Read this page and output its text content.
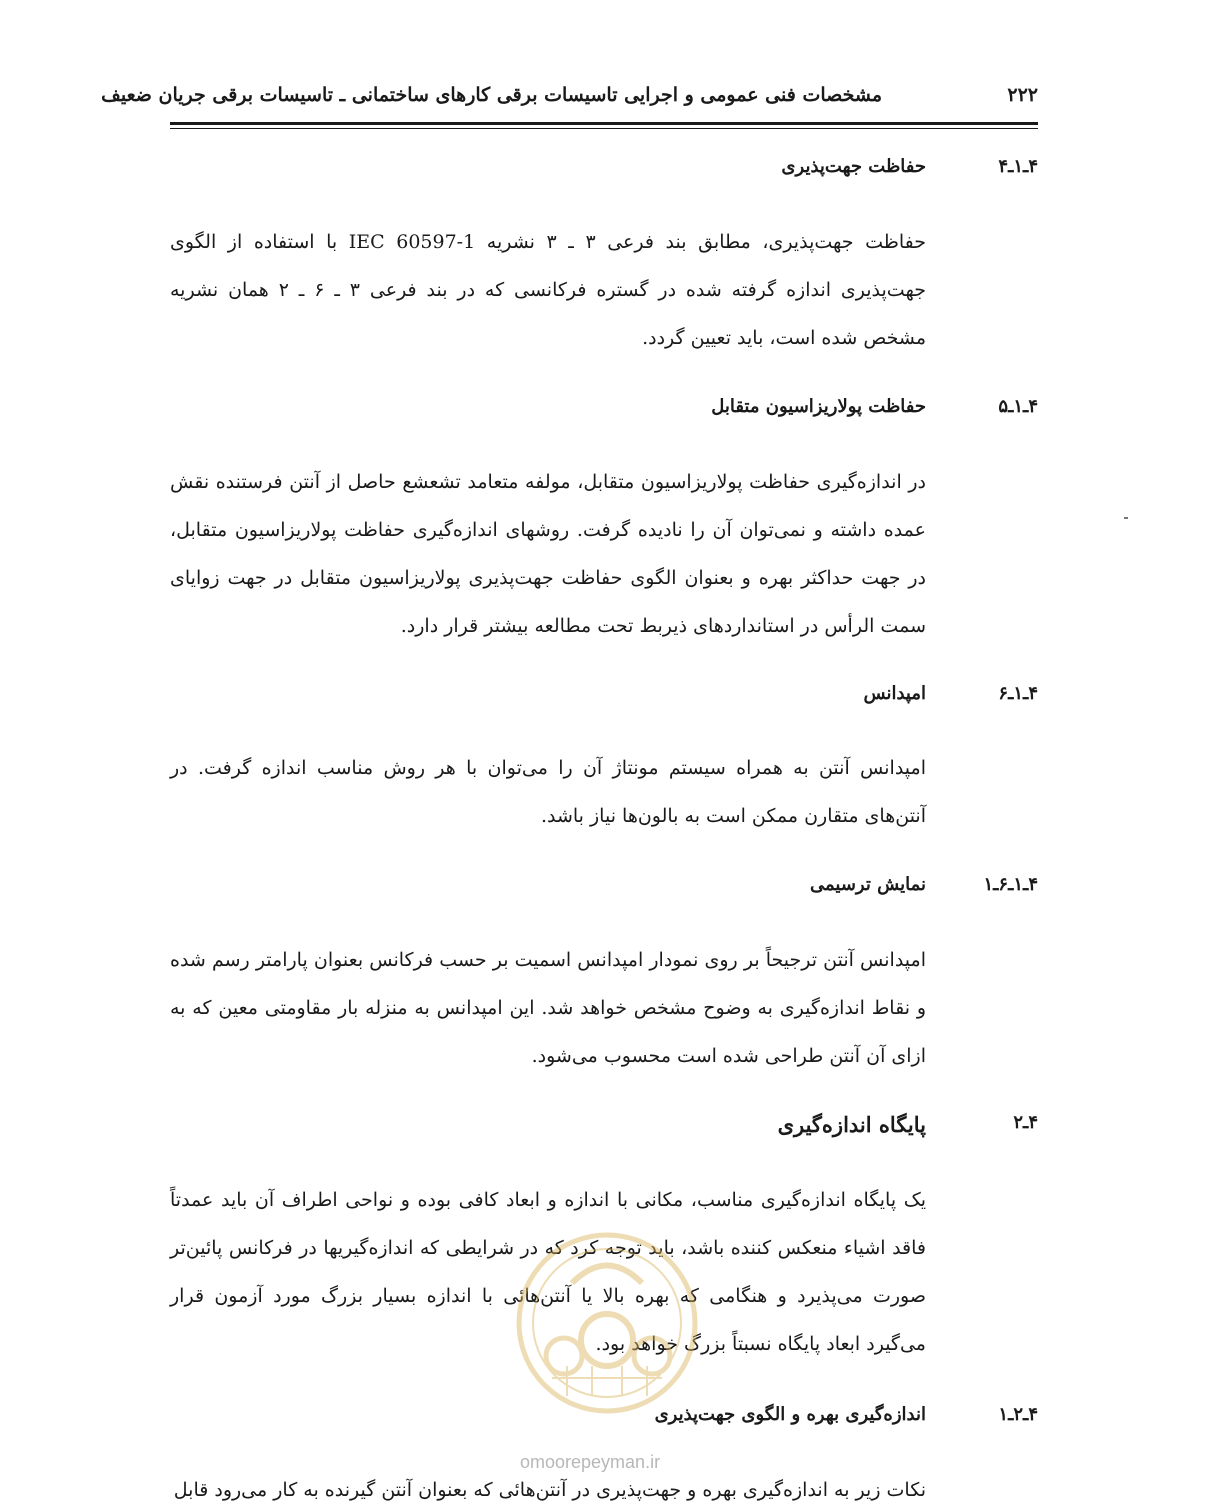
۲۲۲
مشخصات فنی عمومی و اجرایی تاسیسات برقی کارهای ساختمانی ـ تاسیسات برقی جریان ضعیف
۴ـ۱ـ۴
حفاظت جهت‌پذیری
حفاظت جهت‌پذیری، مطابق بند فرعی ۳ ـ ۳ نشریه IEC 60597-1 با استفاده از الگوی جهت‌پذیری اندازه گرفته شده در گستره فرکانسی که در بند فرعی ۳ ـ ۶ ـ ۲ همان نشریه مشخص شده است، باید تعیین گردد.
۴ـ۱ـ۵
حفاظت پولاریزاسیون متقابل
در اندازه‌گیری حفاظت پولاریزاسیون متقابل، مولفه متعامد تشعشع حاصل از آنتن فرستنده نقش عمده داشته و نمی‌توان آن را نادیده گرفت. روشهای اندازه‌گیری حفاظت پولاریزاسیون متقابل، در جهت حداکثر بهره و بعنوان الگوی حفاظت جهت‌پذیری پولاریزاسیون متقابل در جهت زوایای سمت الرأس در استانداردهای ذیربط تحت مطالعه بیشتر قرار دارد.
۴ـ۱ـ۶
امپدانس
امپدانس آنتن به همراه سیستم مونتاژ آن را می‌توان با هر روش مناسب اندازه گرفت. در آنتن‌های متقارن ممکن است به بالون‌ها نیاز باشد.
۴ـ۱ـ۶ـ۱
نمایش ترسیمی
امپدانس آنتن ترجیحاً بر روی نمودار امپدانس اسمیت بر حسب فرکانس بعنوان پارامتر رسم شده و نقاط اندازه‌گیری به وضوح مشخص خواهد شد. این امپدانس به منزله بار مقاومتی معین که به ازای آن آنتن طراحی شده است محسوب می‌شود.
۴ـ۲
پایگاه اندازه‌گیری
یک پایگاه اندازه‌گیری مناسب، مکانی با اندازه و ابعاد کافی بوده و نواحی اطراف آن باید عمدتاً فاقد اشیاء منعکس کننده باشد، باید توجه کرد که در شرایطی که اندازه‌گیریها در فرکانس پائین‌تر صورت می‌پذیرد و هنگامی که بهره بالا یا آنتن‌هائی با اندازه بسیار بزرگ مورد آزمون قرار می‌گیرد ابعاد پایگاه نسبتاً بزرگ خواهد بود.
۴ـ۲ـ۱
اندازه‌گیری بهره و الگوی جهت‌پذیری
نکات زیر به اندازه‌گیری بهره و جهت‌پذیری در آنتن‌هائی که بعنوان آنتن گیرنده به کار می‌رود قابل
omoorepeyman.ir
